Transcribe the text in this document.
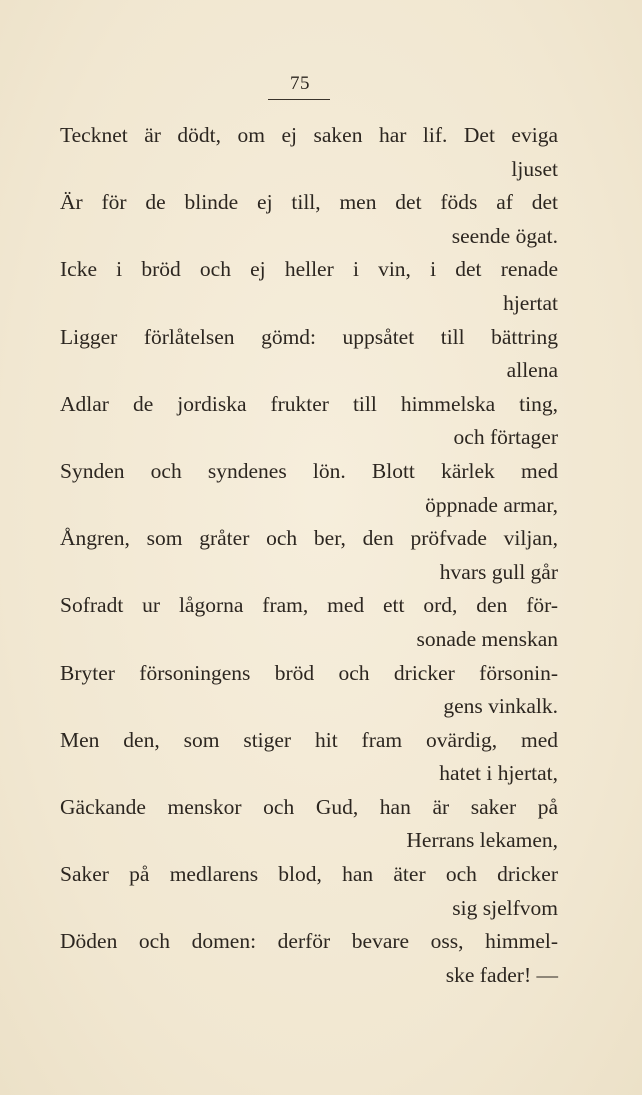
75
Tecknet är dödt, om ej saken har lif. Det eviga
ljuset
Är för de blinde ej till, men det föds af det
seende ögat.
Icke i bröd och ej heller i vin, i det renade
hjertat
Ligger förlåtelsen gömd: uppsåtet till bättring
allena
Adlar de jordiska frukter till himmelska ting,
och förtager
Synden och syndenes lön. Blott kärlek med
öppnade armar,
Ångren, som gråter och ber, den pröfvade viljan,
hvars gull går
Sofradt ur lågorna fram, med ett ord, den för-
sonade menskan
Bryter försoningens bröd och dricker försonin-
gens vinkalk.
Men den, som stiger hit fram ovärdig, med
hatet i hjertat,
Gäckande menskor och Gud, han är saker på
Herrans lekamen,
Saker på medlarens blod, han äter och dricker
sig sjelfvom
Döden och domen: derför bevare oss, himmel-
ske fader! —
